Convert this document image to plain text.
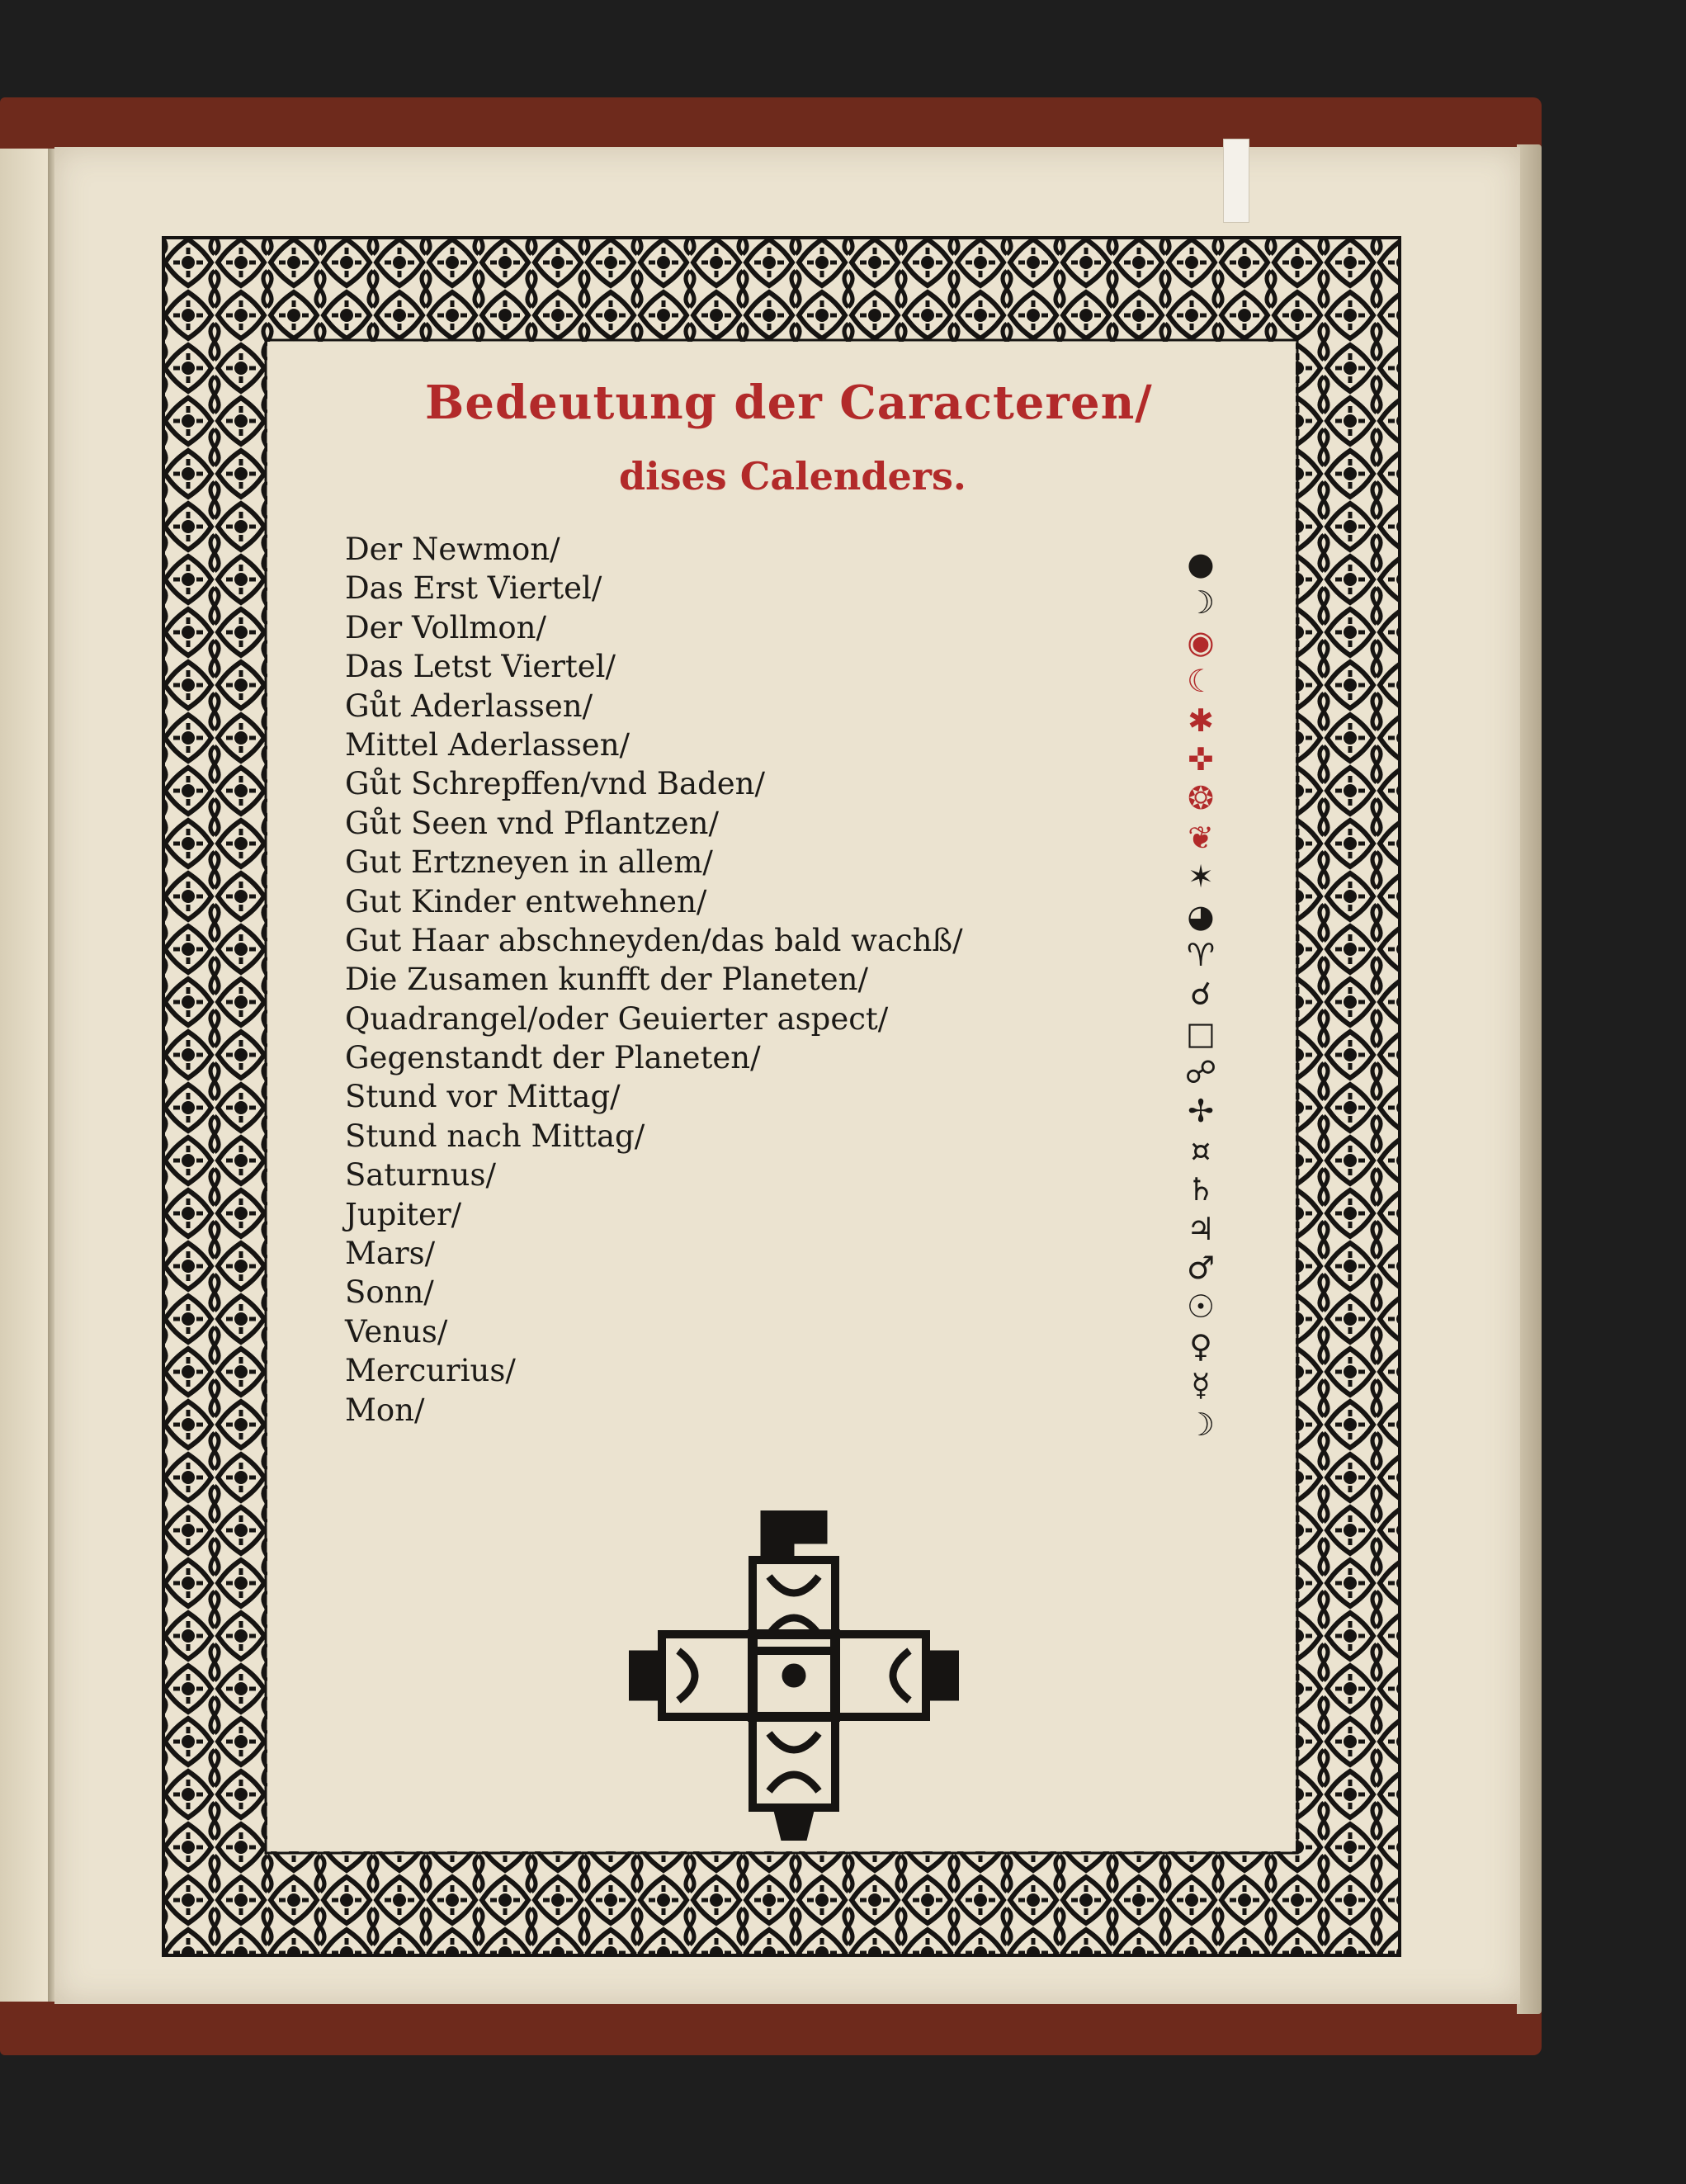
Bedeutung der Caracteren/
dises Calenders.
Der Newmon/
Das Erst Viertel/
Der Vollmon/
Das Letst Viertel/
Gůt Aderlassen/
Mittel Aderlassen/
Gůt Schrepffen/vnd Baden/
Gůt Seen vnd Pflantzen/
Gut Ertzneyen in allem/
Gut Kinder entwehnen/
Gut Haar abschneyden/das bald wachß/
Die Zusamen kunfft der Planeten/
Quadrangel/oder Geuierter aspect/
Gegenstandt der Planeten/
Stund vor Mittag/
Stund nach Mittag/
Saturnus/
Jupiter/
Mars/
Sonn/
Venus/
Mercurius/
Mon/
●
☽
◉
☾
✱
✜
❂
❦
✶
◕
♈
☌
□
☍
✢
¤
♄
♃
♂
☉
♀
☿
☽
